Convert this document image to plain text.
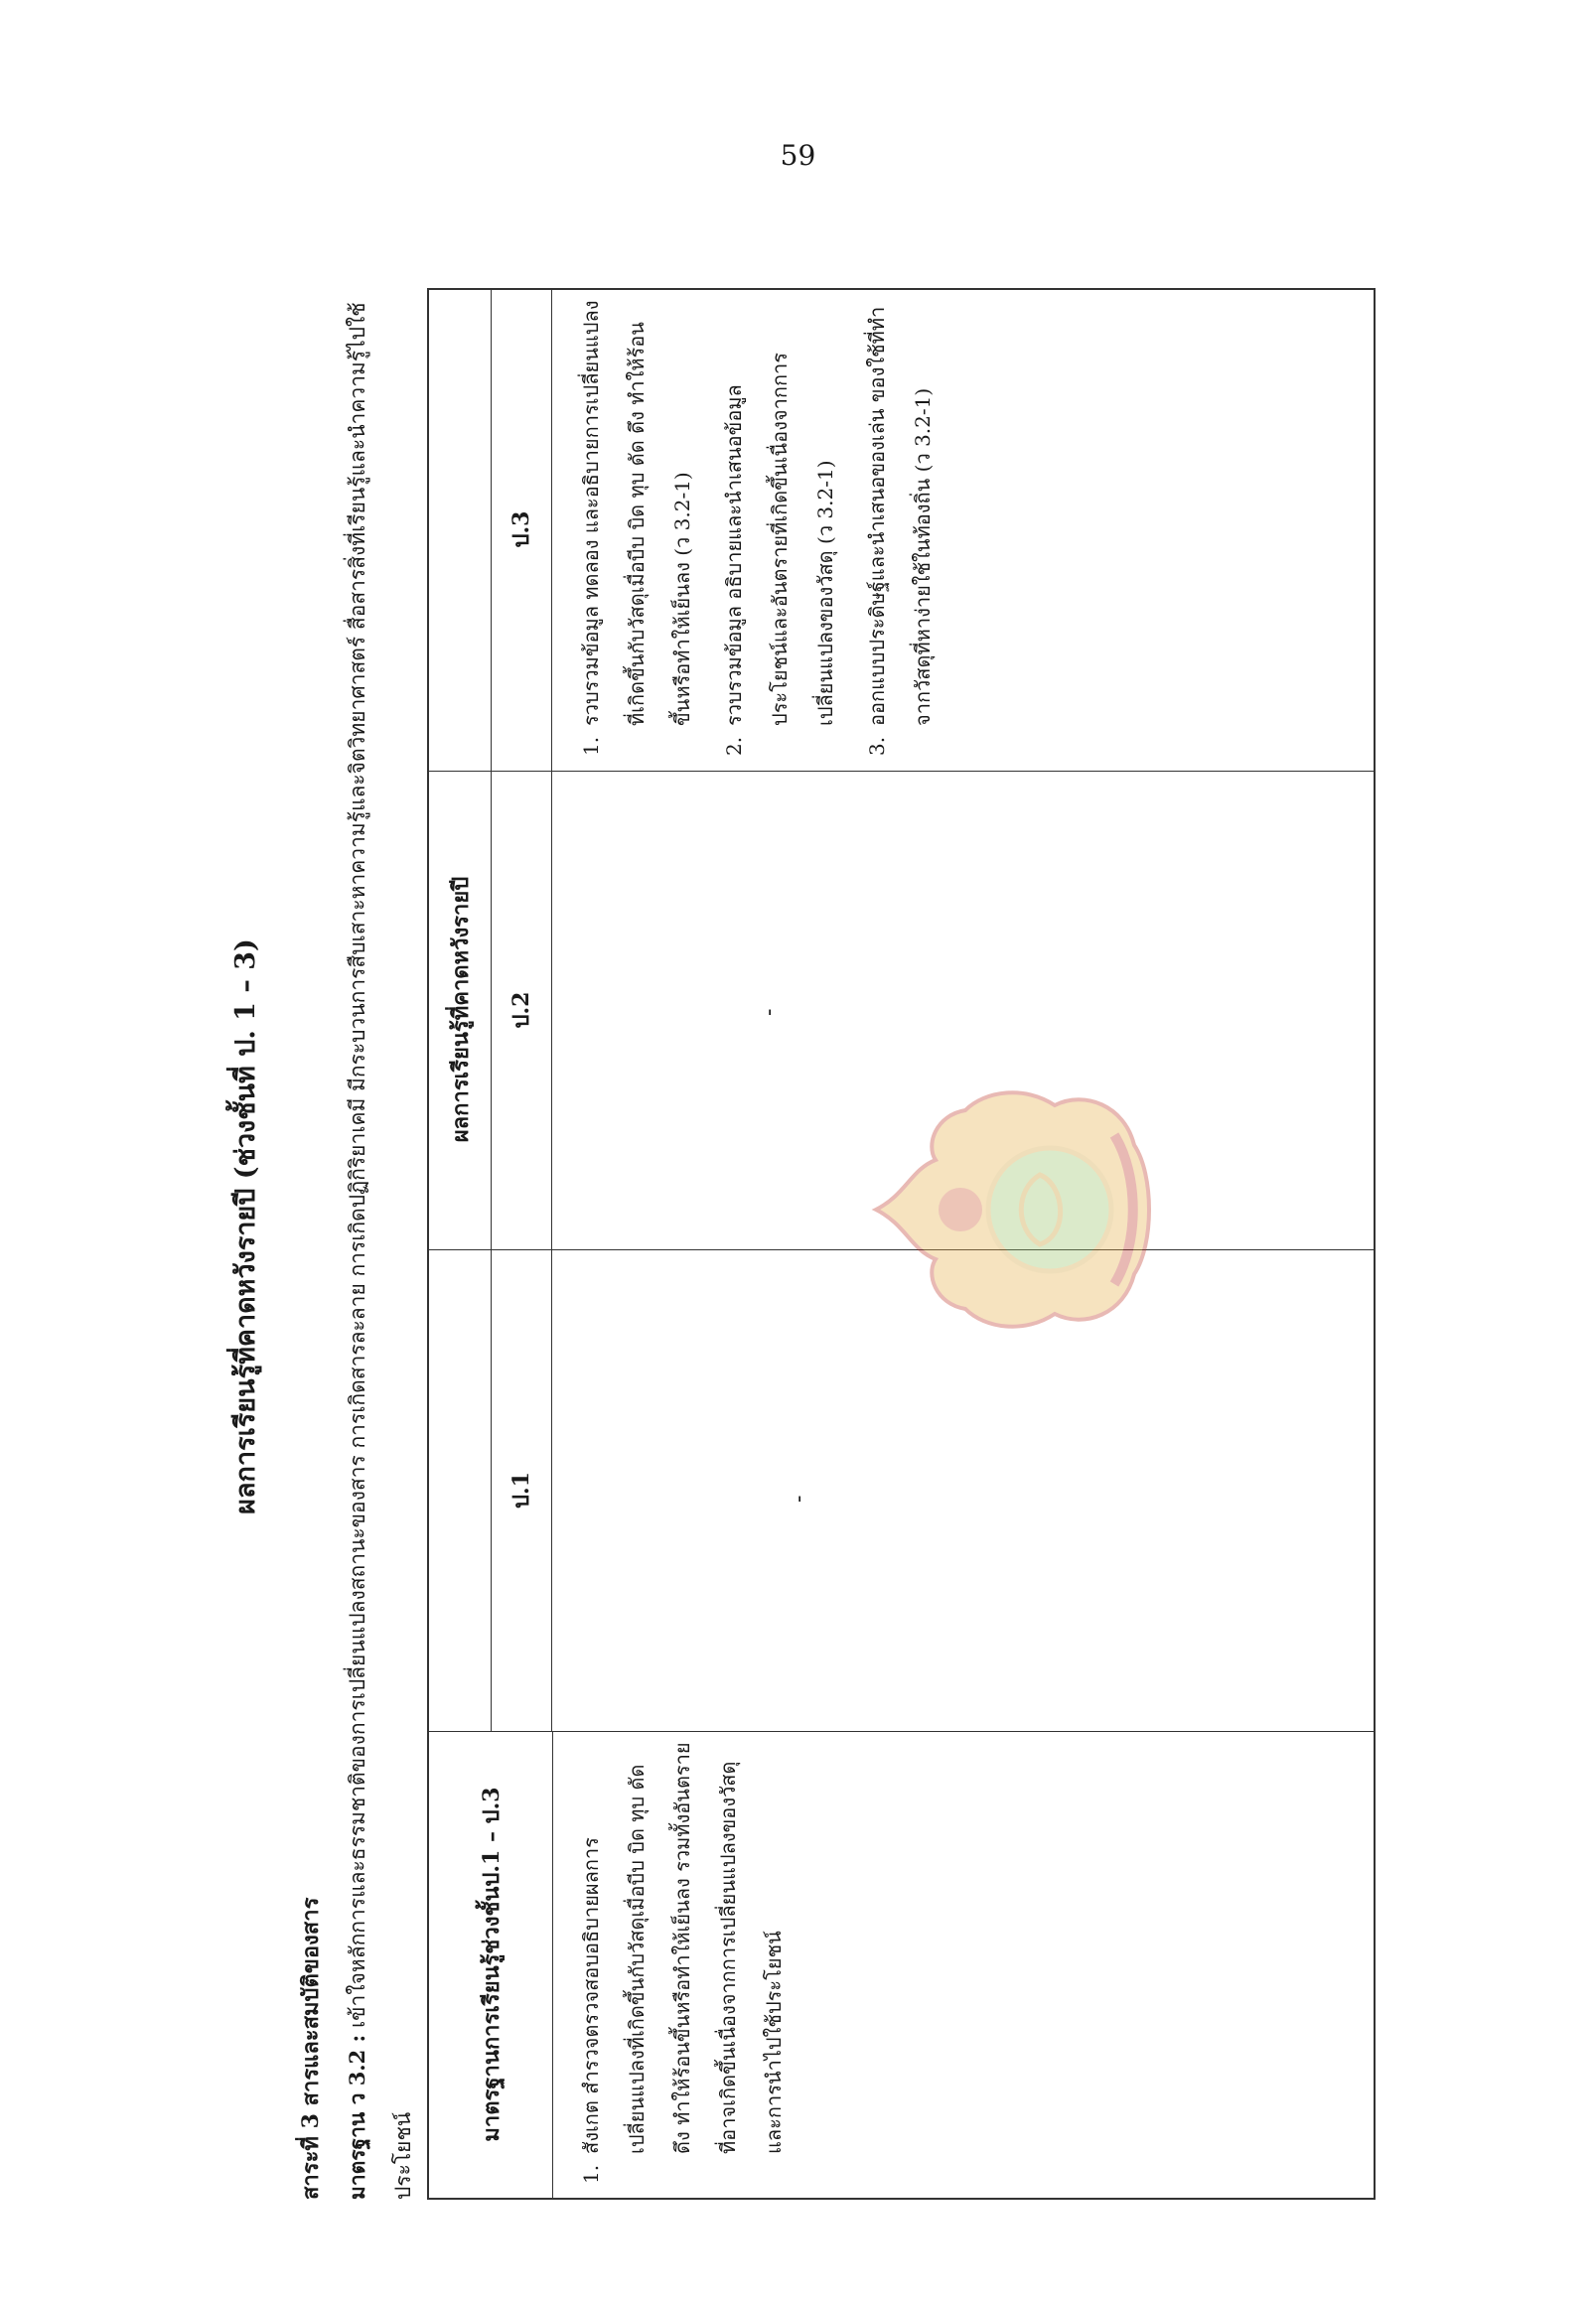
59
ผลการเรียนรู้ที่คาดหวังรายปี (ช่วงชั้นที่ ป. 1 – 3)
สาระที่ 3 สารและสมบัติของสาร	มาตรฐาน ว 3.2 : เข้าใจหลักการและธรรมชาติของการเปลี่ยนแปลงสถานะของสาร การเกิดสารละลาย การเกิดปฏิกิริยาเคมี มีกระบวนการสืบเสาะหาความรู้และจิตวิทยาศาสตร์ สื่อสารสิ่งที่เรียนรู้และนำความรู้ไปใช้ประโยชน์
มาตรฐานการเรียนรู้ช่วงชั้นป.1 – ป.3
ผลการเรียนรู้ที่คาดหวังรายปี
ป.1
ป.2
ป.3
1.
สังเกต สำรวจตรวจสอบอธิบายผลการเปลี่ยนแปลงที่เกิดขึ้นกับวัสดุเมื่อบีบ บิด ทุบ ดัด ดึง ทำให้ร้อนขึ้นหรือทำให้เย็นลง รวมทั้งอันตรายที่อาจเกิดขึ้นเนื่องจากการเปลี่ยนแปลงของวัสดุและการนำไปใช้ประโยชน์
-
-
1.
รวบรวมข้อมูล ทดลอง และอธิบายการเปลี่ยนแปลงที่เกิดขึ้นกับวัสดุเมื่อบีบ บิด ทุบ ดัด ดึง ทำให้ร้อนขึ้นหรือทำให้เย็นลง (ว 3.2-1)
2.
รวบรวมข้อมูล อธิบายและนำเสนอข้อมูล ประโยชน์และอันตรายที่เกิดขึ้นเนื่องจากการเปลี่ยนแปลงของวัสดุ (ว 3.2-1)
3.
ออกแบบประดิษฐ์และนำเสนอของเล่น ของใช้ที่ทำจากวัสดุที่หาง่ายใช้ในท้องถิ่น (ว 3.2-1)
